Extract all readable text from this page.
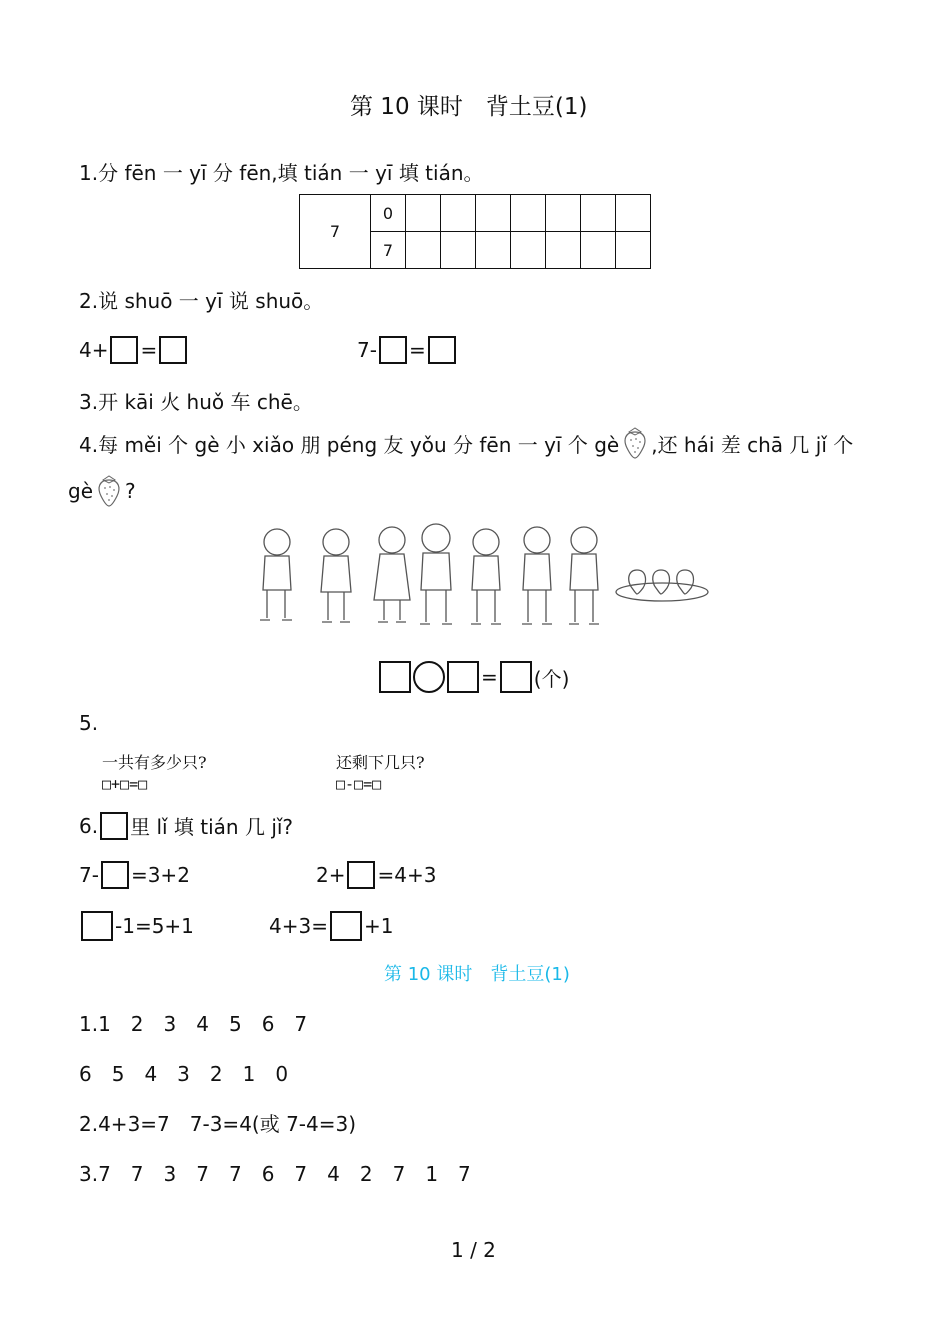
第 10 课时　背土豆(1)
1.分 fēn 一 yī 分 fēn,填 tián 一 yī 填 tián。
7	0							
	7							
2.说 shuō 一 yī 说 shuō。
4+ =	7- =
3.开 kāi 火 huǒ 车 chē。
4.每 měi 个 gè 小 xiǎo 朋 péng 友 yǒu 分 fēn 一 yī 个 gè ,还 hái 差 chā 几 jǐ 个
gè ?
= (个)
5.
一共有多少只?
□+□=□
还剩下几只?
□-□=□
6. 里 lǐ 填 tián 几 jǐ?
7- =3+2	2+ =4+3
-1=5+1	4+3= +1
第 10 课时　背土豆(1)
1.1　2　3　4　5　6　7
6　5　4　3　2　1　0
2.4+3=7　7-3=4(或 7-4=3)
3.7　7　3　7　7　6　7　4　2　7　1　7
1 / 2
